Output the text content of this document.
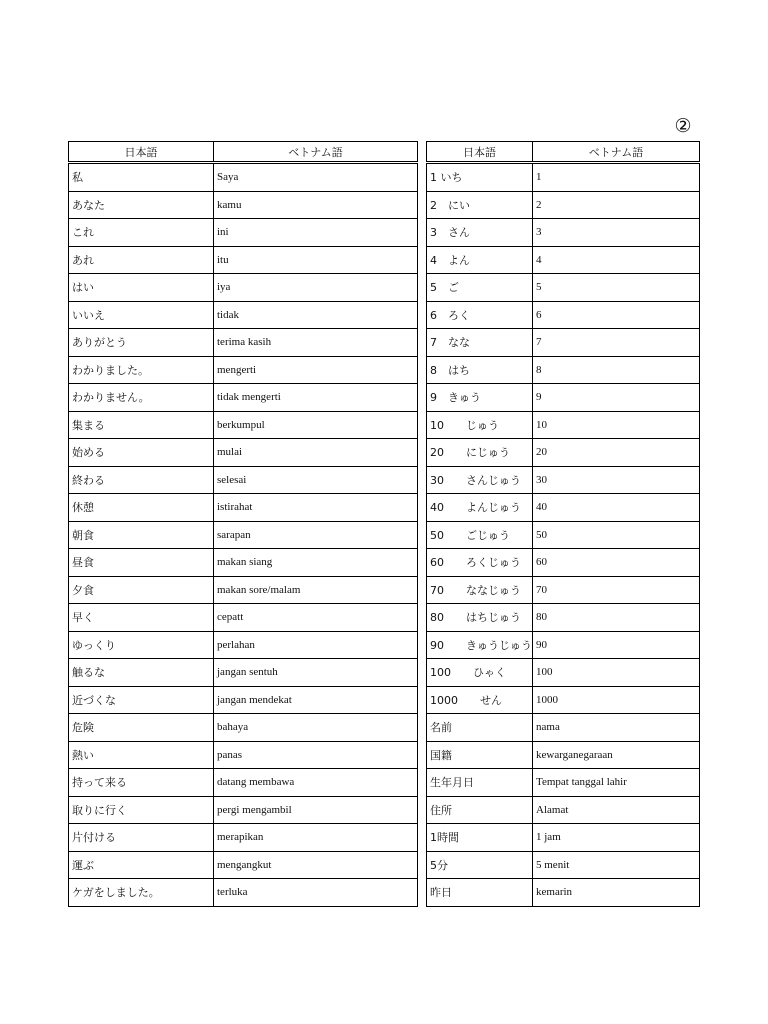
②
日本語	ベトナム語
私	Saya
あなた	kamu
これ	ini
あれ	itu
はい	iya
いいえ	tidak
ありがとう	terima kasih
わかりました。	mengerti
わかりません。	tidak mengerti
集まる	berkumpul
始める	mulai
終わる	selesai
休憩	istirahat
朝食	sarapan
昼食	makan siang
夕食	makan sore/malam
早く	cepatt
ゆっくり	perlahan
触るな	jangan sentuh
近づくな	jangan mendekat
危険	bahaya
熱い	panas
持って来る	datang membawa
取りに行く	pergi mengambil
片付ける	merapikan
運ぶ	mengangkut
ケガをしました。	terluka
日本語	ベトナム語
1 いち	1
2　にい	2
3　さん	3
4　よん	4
5　ご	5
6　ろく	6
7　なな	7
8　はち	8
9　きゅう	9
10　　じゅう	10
20　　にじゅう	20
30　　さんじゅう	30
40　　よんじゅう	40
50　　ごじゅう	50
60　　ろくじゅう	60
70　　ななじゅう	70
80　　はちじゅう	80
90　　きゅうじゅう	90
100　　ひゃく	100
1000　　せん	1000
名前	nama
国籍	kewarganegaraan
生年月日	Tempat tanggal lahir
住所	Alamat
1時間	1 jam
5分	5 menit
昨日	kemarin
